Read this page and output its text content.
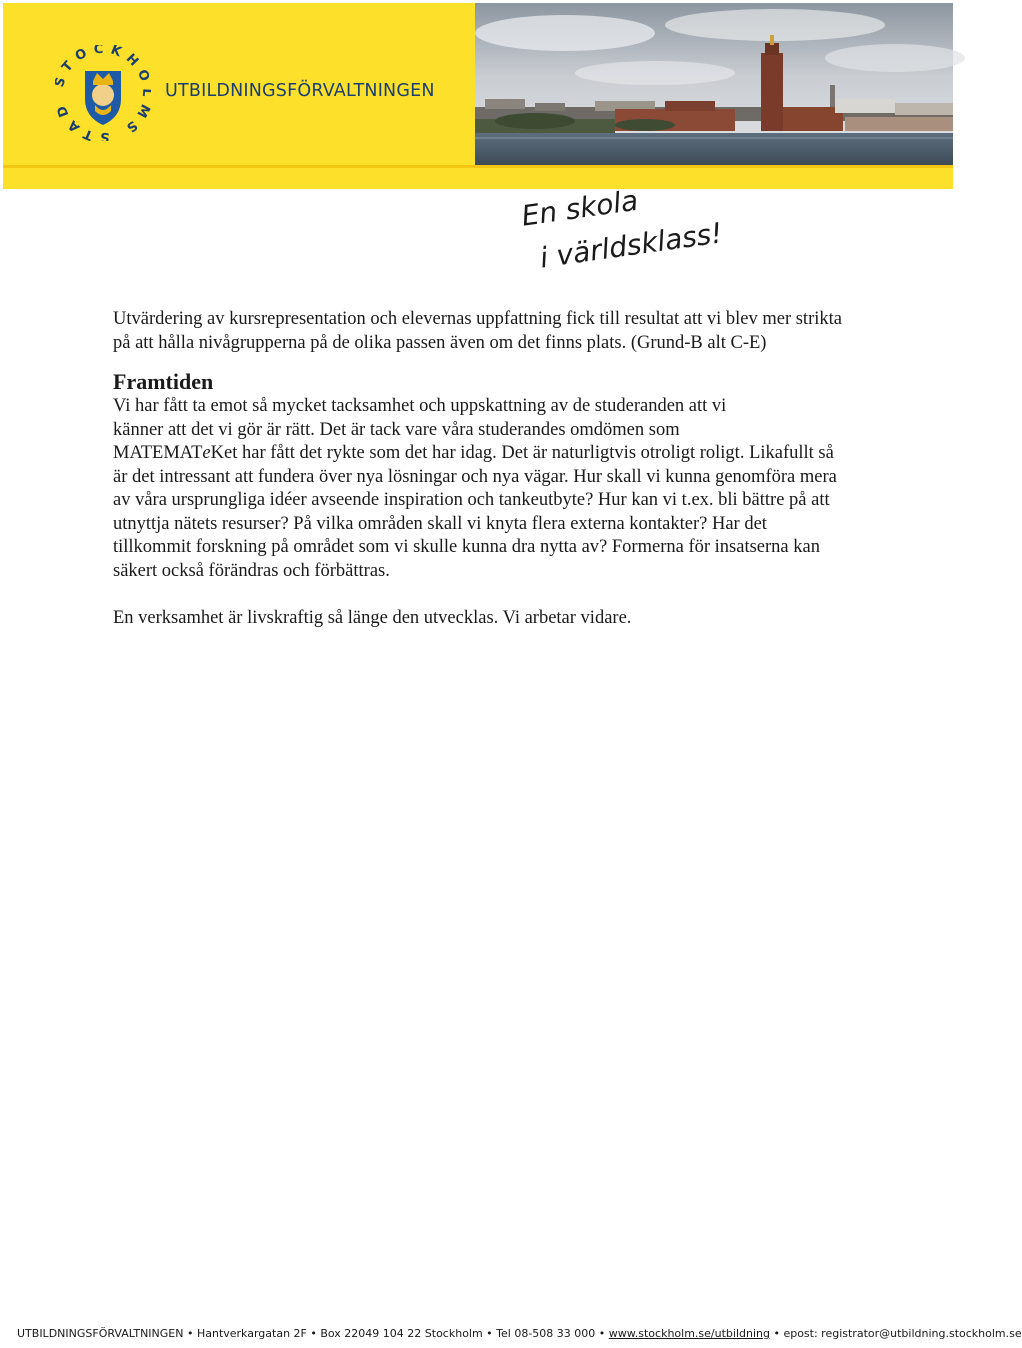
TOCKH MS STA
UTBILDNINGSFÖRVALTNINGEN
En skola
i världsklass!

Utvärdering av kursrepresentation och elevernas uppfattning fick till resultat att vi blev mer strikta på att hålla nivågrupperna på de olika passen även om det finns plats. (Grund-B alt C-E)

Framtiden

Vi har fått ta emot så mycket tacksamhet och uppskattning av de studeranden att vi
känner att det vi gör är rätt. Det är tack vare våra studerandes omdömen som
MATEMATeKet har fått det rykte som det har idag. Det är naturligtvis otroligt roligt. Likafullt så är det intressant att fundera över nya lösningar och nya vägar. Hur skall vi kunna genomföra mera av våra ursprungliga idéer avseende inspiration och tankeutbyte? Hur kan vi t.ex. bli bättre på att utnyttja nätets resurser? På vilka områden skall vi knyta flera externa kontakter? Har det tillkommit forskning på området som vi skulle kunna dra nytta av? Formerna för insatserna kan säkert också förändras och förbättras.

En verksamhet är livskraftig så länge den utvecklas. Vi arbetar vidare.

UTBILDNINGSFÖRVALTNINGEN • Hantverkargatan 2F • Box 22049 104 22 Stockholm • Tel 08-508 33 000 • www.stockholm.se/utbildning • epost: registrator@utbildning.stockholm.se
